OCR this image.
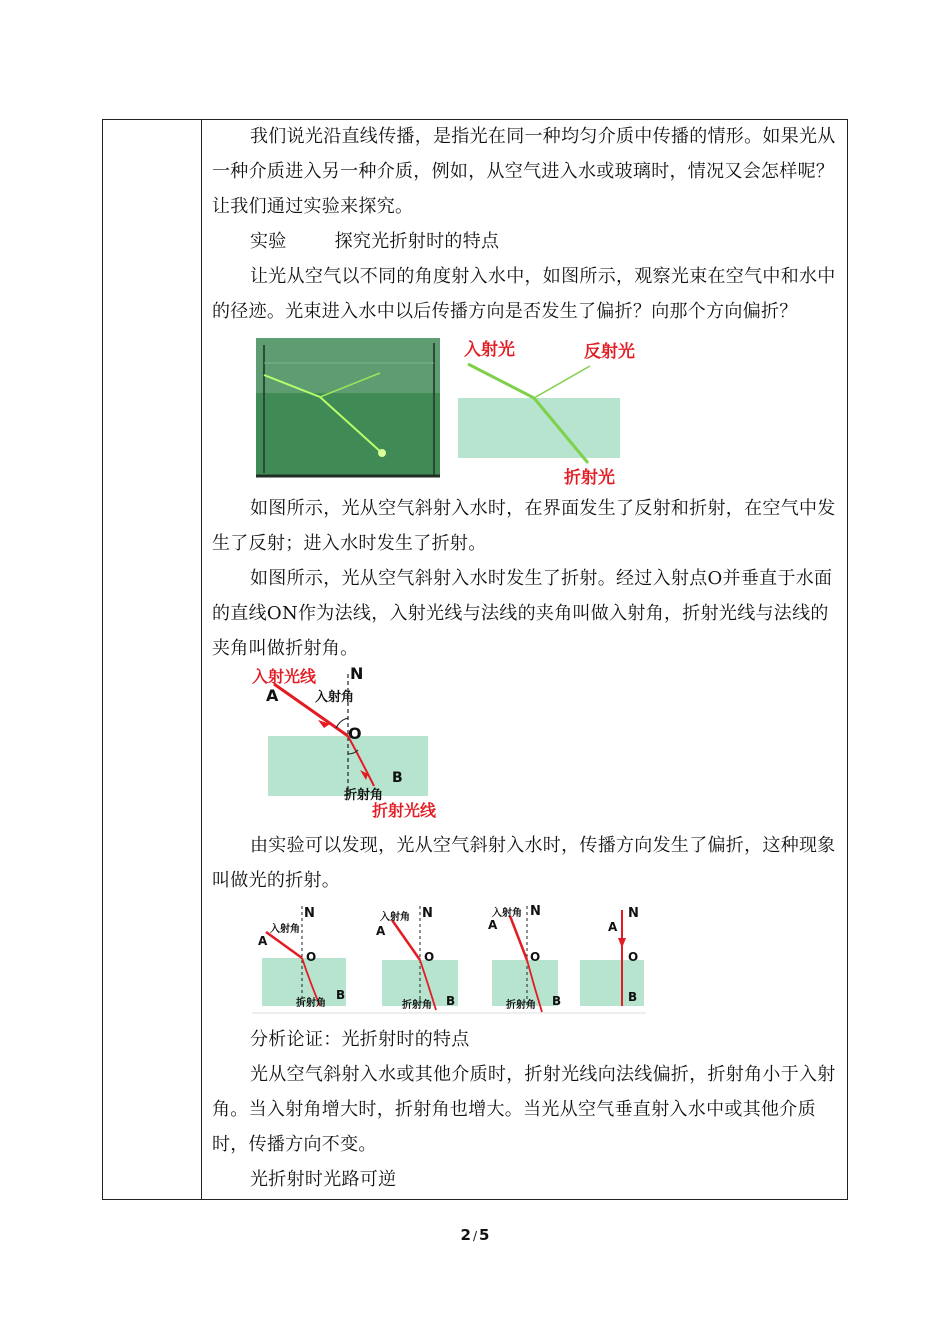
我们说光沿直线传播，是指光在同一种均匀介质中传播的情形。如果光从一种介质进入另一种介质，例如，从空气进入水或玻璃时，情况又会怎样呢？让我们通过实验来探究。

实验	探究光折射时的特点

让光从空气以不同的角度射入水中，如图所示，观察光束在空气中和水中的径迹。光束进入水中以后传播方向是否发生了偏折？向那个方向偏折？

入射光	反射光
折射光

如图所示，光从空气斜射入水时，在界面发生了反射和折射，在空气中发生了反射；进入水时发生了折射。

如图所示，光从空气斜射入水时发生了折射。经过入射点O并垂直于水面的直线ON作为法线，入射光线与法线的夹角叫做入射角，折射光线与法线的夹角叫做折射角。

入射光线
A	入射角
N
O
B
折射角
折射光线

由实验可以发现，光从空气斜射入水时，传播方向发生了偏折，这种现象叫做光的折射。

N
入射角
A
O
B
折射角
N
入射角
A
O
B
折射角
入射角 N
A
O
B
折射角
N
A
O
B

分析论证：光折射时的特点

光从空气斜射入水或其他介质时，折射光线向法线偏折，折射角小于入射角。当入射角增大时，折射角也增大。当光从空气垂直射入水中或其他介质时，传播方向不变。

光折射时光路可逆

2 / 5
